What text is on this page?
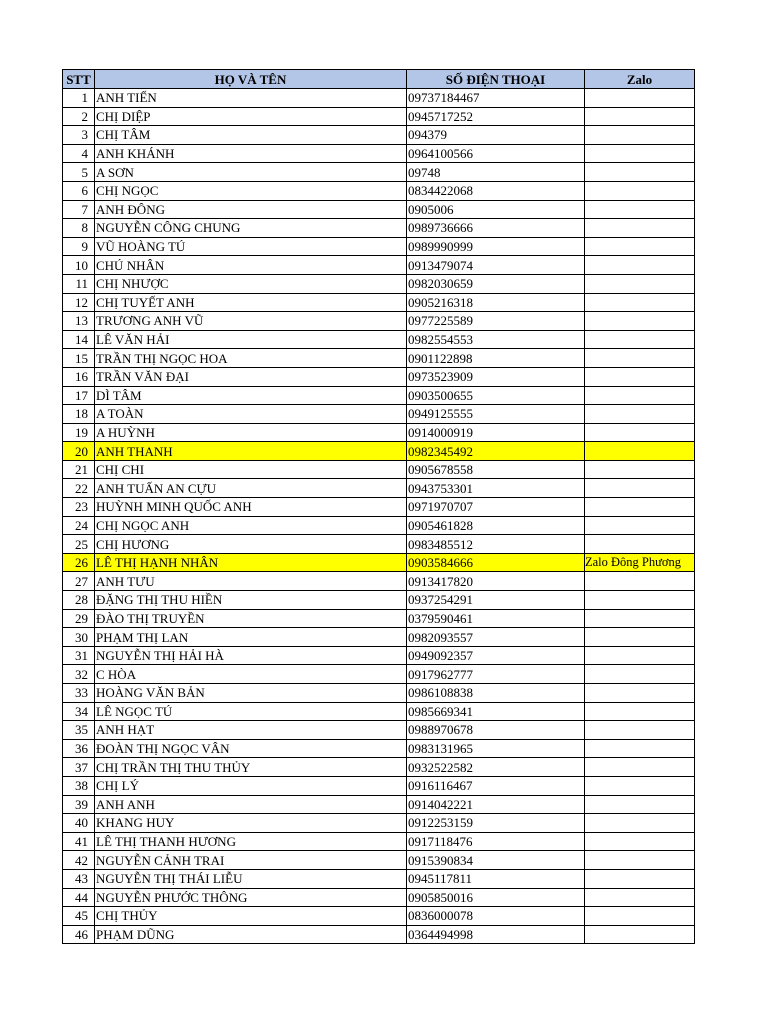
STT	HỌ VÀ TÊN	SỐ ĐIỆN THOẠI	Zalo
1	ANH TIẾN	09737184467	
2	CHỊ DIỆP	0945717252	
3	CHỊ TÂM	094379	
4	ANH KHÁNH	0964100566	
5	A SƠN	09748	
6	CHỊ NGỌC	0834422068	
7	ANH ĐÔNG	0905006	
8	NGUYỄN CÔNG CHUNG	0989736666	
9	VŨ HOÀNG TÚ	0989990999	
10	CHÚ NHÂN	0913479074	
11	CHỊ NHƯỢC	0982030659	
12	CHỊ TUYẾT ANH	0905216318	
13	TRƯƠNG ANH VŨ	0977225589	
14	LÊ VĂN HẢI	0982554553	
15	TRẦN THỊ NGỌC HOA	0901122898	
16	TRẦN VĂN ĐẠI	0973523909	
17	DÌ TÂM	0903500655	
18	A TOÀN	0949125555	
19	A HUỲNH	0914000919	
20	ANH THANH	0982345492	
21	CHỊ CHI	0905678558	
22	ANH TUẤN AN CỰU	0943753301	
23	HUỲNH MINH QUỐC ANH	0971970707	
24	CHỊ NGỌC ANH	0905461828	
25	CHỊ HƯƠNG	0983485512	
26	LÊ THỊ HẠNH NHÂN	0903584666	Zalo Đông Phương
27	ANH TƯU	0913417820	
28	ĐẶNG THỊ THU HIỀN	0937254291	
29	ĐÀO THỊ TRUYỀN	0379590461	
30	PHẠM THỊ LAN	0982093557	
31	NGUYỄN THỊ HẢI HÀ	0949092357	
32	C HÒA	0917962777	
33	HOÀNG VĂN BẢN	0986108838	
34	LÊ NGỌC TÚ	0985669341	
35	ANH HẠT	0988970678	
36	ĐOÀN THỊ NGỌC VÂN	0983131965	
37	CHỊ TRẦN THỊ THU THỦY	0932522582	
38	CHỊ LÝ	0916116467	
39	ANH ANH	0914042221	
40	KHANG HUY	0912253159	
41	LÊ THỊ THANH HƯƠNG	0917118476	
42	NGUYỄN CẢNH TRAI	0915390834	
43	NGUYỄN THỊ THÁI LIỄU	0945117811	
44	NGUYỄN PHƯỚC THÔNG	0905850016	
45	CHỊ THỦY	0836000078	
46	PHẠM DŨNG	0364494998	
